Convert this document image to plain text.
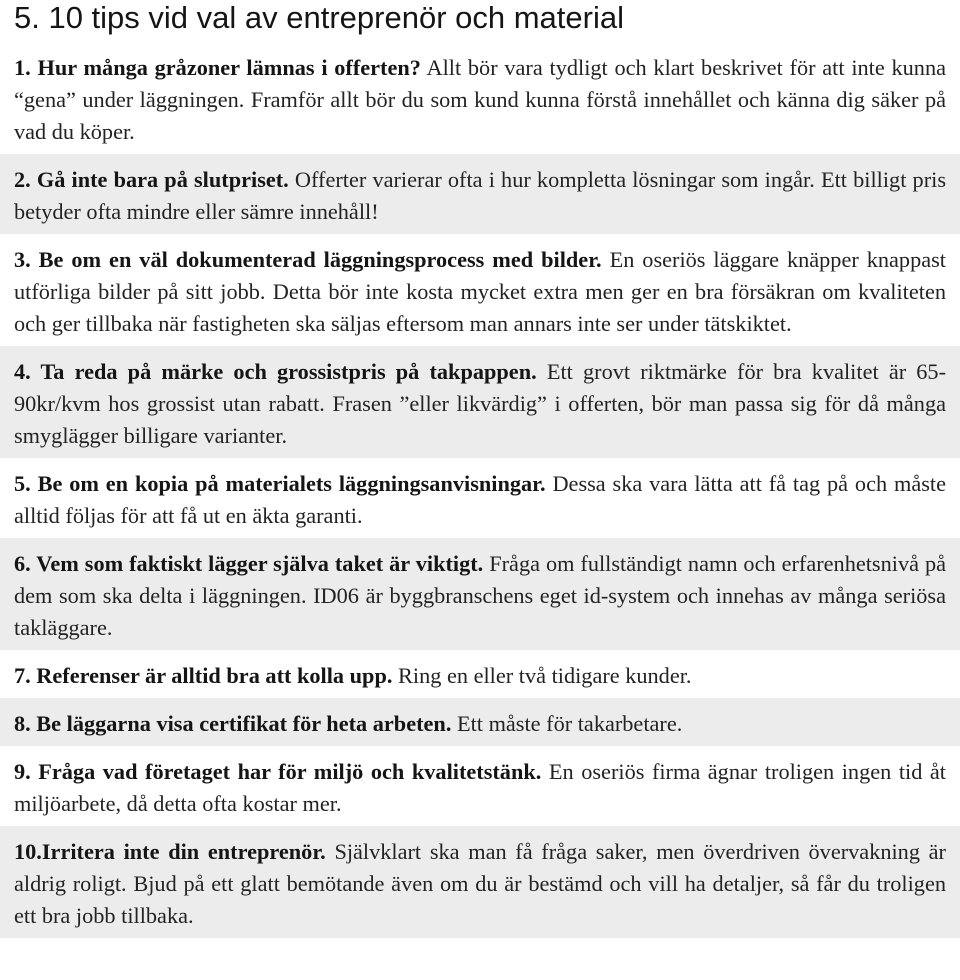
5. 10 tips vid val av entreprenör och material
1. Hur många gråzoner lämnas i offerten? Allt bör vara tydligt och klart beskrivet för att inte kunna “gena” under läggningen. Framför allt bör du som kund kunna förstå innehållet och känna dig säker på vad du köper.
2. Gå inte bara på slutpriset. Offerter varierar ofta i hur kompletta lösningar som ingår. Ett billigt pris betyder ofta mindre eller sämre innehåll!
3. Be om en väl dokumenterad läggningsprocess med bilder. En oseriös läggare knäpper knappast utförliga bilder på sitt jobb. Detta bör inte kosta mycket extra men ger en bra försäkran om kvaliteten och ger tillbaka när fastigheten ska säljas eftersom man annars inte ser under tätskiktet.
4. Ta reda på märke och grossistpris på takpappen. Ett grovt riktmärke för bra kvalitet är 65-90kr/kvm hos grossist utan rabatt. Frasen ”eller likvärdig” i offerten, bör man passa sig för då många smyglägger billigare varianter.
5. Be om en kopia på materialets läggningsanvisningar. Dessa ska vara lätta att få tag på och måste alltid följas för att få ut en äkta garanti.
6. Vem som faktiskt lägger själva taket är viktigt. Fråga om fullständigt namn och erfarenhetsnivå på dem som ska delta i läggningen. ID06 är byggbranschens eget id-system och innehas av många seriösa takläggare.
7. Referenser är alltid bra att kolla upp. Ring en eller två tidigare kunder.
8. Be läggarna visa certifikat för heta arbeten. Ett måste för takarbetare.
9. Fråga vad företaget har för miljö och kvalitetstänk. En oseriös firma ägnar troligen ingen tid åt miljöarbete, då detta ofta kostar mer.
10.Irritera inte din entreprenör. Självklart ska man få fråga saker, men överdriven övervakning är aldrig roligt. Bjud på ett glatt bemötande även om du är bestämd och vill ha detaljer, så får du troligen ett bra jobb tillbaka.
